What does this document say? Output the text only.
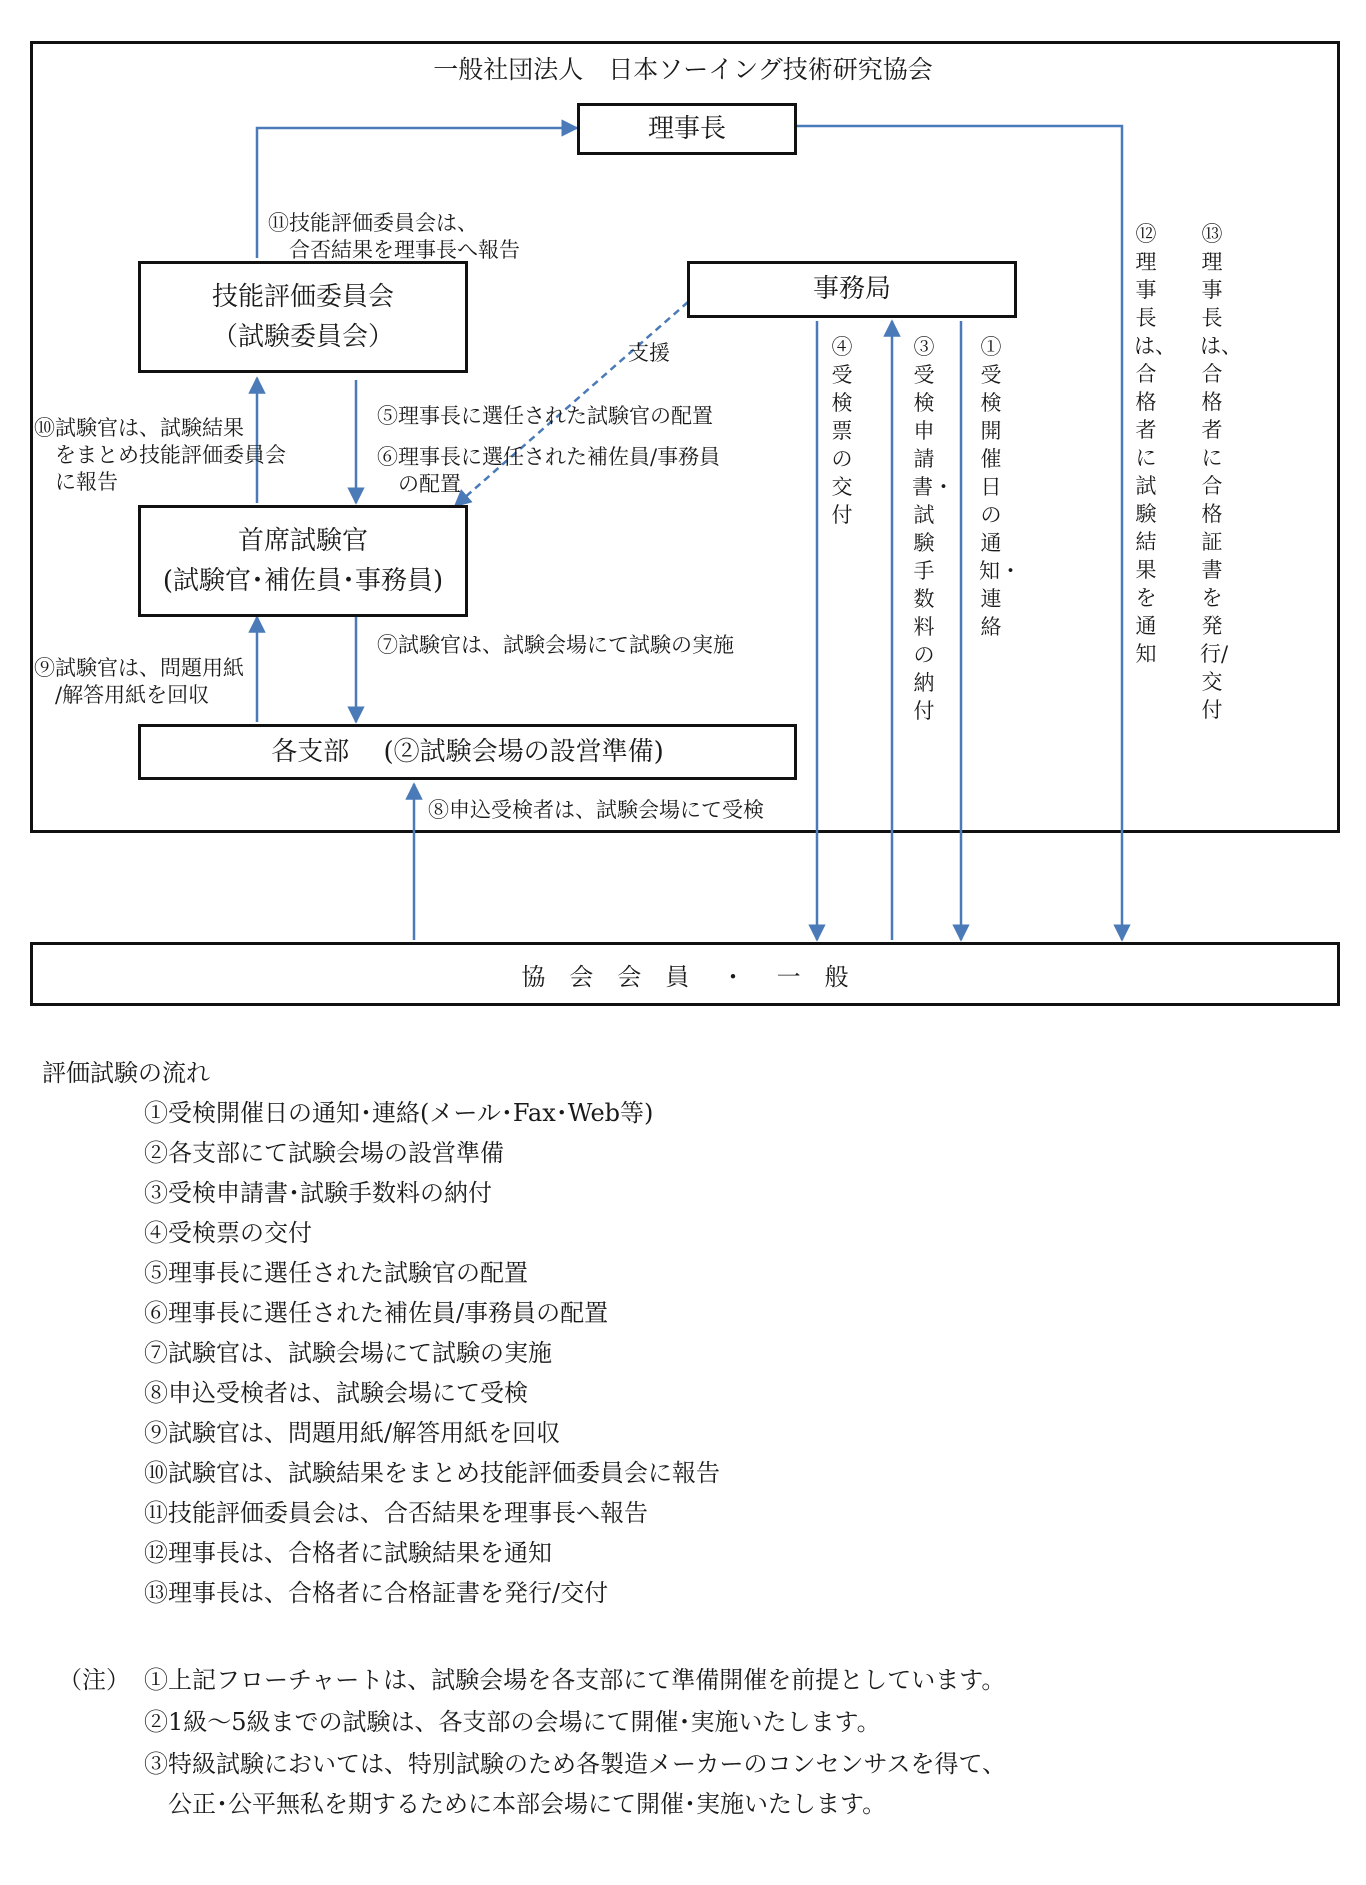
一般社団法人　日本ソーイング技術研究協会
理事長
技能評価委員会
（試験委員会）
事務局
首席試験官
(試験官･補佐員･事務員)
各支部　 (②試験会場の設営準備)
協　会　会　員　 ・　 一　般
⑪技能評価委員会は、
　合否結果を理事長へ報告
支援
⑤理事長に選任された試験官の配置
⑥理事長に選任された補佐員/事務員
　の配置
⑩試験官は、試験結果
　をまとめ技能評価委員会
　に報告
⑦試験官は、試験会場にて試験の実施
⑨試験官は、問題用紙
　/解答用紙を回収
⑧申込受検者は、試験会場にて受検
④受検票の交付
③受検申請書・試験手数料の納付
①受検開催日の通知・連絡
⑫理事長は、合格者に試験結果を通知
⑬理事長は、合格者に合格証書を発行/交付
評価試験の流れ
①受検開催日の通知･連絡(メール･Fax･Web等)
②各支部にて試験会場の設営準備
③受検申請書･試験手数料の納付
④受検票の交付
⑤理事長に選任された試験官の配置
⑥理事長に選任された補佐員/事務員の配置
⑦試験官は、試験会場にて試験の実施
⑧申込受検者は、試験会場にて受検
⑨試験官は、問題用紙/解答用紙を回収
⑩試験官は、試験結果をまとめ技能評価委員会に報告
⑪技能評価委員会は、合否結果を理事長へ報告
⑫理事長は、合格者に試験結果を通知
⑬理事長は、合格者に合格証書を発行/交付
（注） ①上記フローチャートは、試験会場を各支部にて準備開催を前提としています。
②1級～5級までの試験は、各支部の会場にて開催･実施いたします。
③特級試験においては、特別試験のため各製造メーカーのコンセンサスを得て、
　公正･公平無私を期するために本部会場にて開催･実施いたします。
